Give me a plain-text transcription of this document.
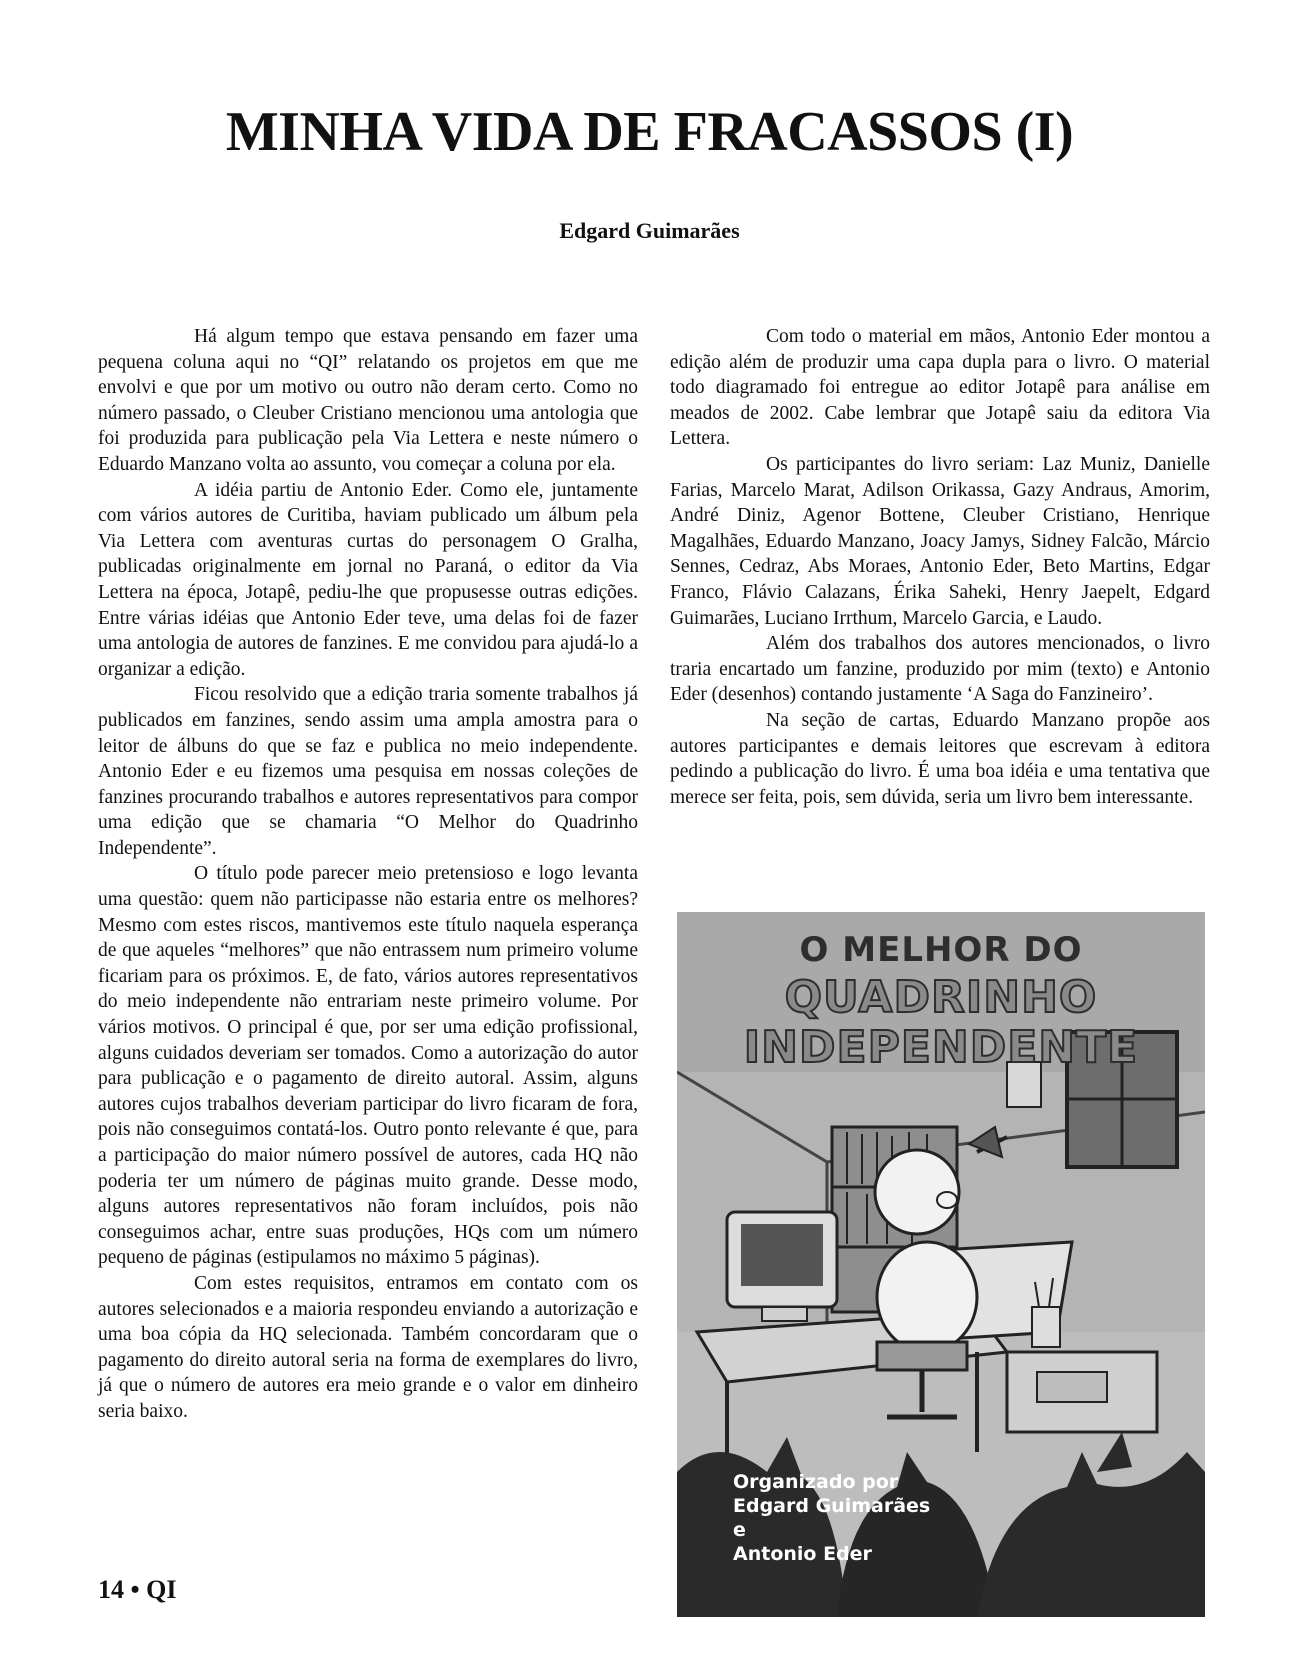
MINHA VIDA DE FRACASSOS (I)
Edgard Guimarães

Há algum tempo que estava pensando em fazer uma pequena coluna aqui no “QI” relatando os projetos em que me envolvi e que por um motivo ou outro não deram certo. Como no número passado, o Cleuber Cristiano mencionou uma antologia que foi produzida para publicação pela Via Lettera e neste número o Eduardo Manzano volta ao assunto, vou começar a coluna por ela.

A idéia partiu de Antonio Eder. Como ele, juntamente com vários autores de Curitiba, haviam publicado um álbum pela Via Lettera com aventuras curtas do personagem O Gralha, publicadas originalmente em jornal no Paraná, o editor da Via Lettera na época, Jotapê, pediu-lhe que propusesse outras edições. Entre várias idéias que Antonio Eder teve, uma delas foi de fazer uma antologia de autores de fanzines. E me convidou para ajudá-lo a organizar a edição.

Ficou resolvido que a edição traria somente trabalhos já publicados em fanzines, sendo assim uma ampla amostra para o leitor de álbuns do que se faz e publica no meio independente. Antonio Eder e eu fizemos uma pesquisa em nossas coleções de fanzines procurando trabalhos e autores representativos para compor uma edição que se chamaria “O Melhor do Quadrinho Independente”.

O título pode parecer meio pretensioso e logo levanta uma questão: quem não participasse não estaria entre os melhores? Mesmo com estes riscos, mantivemos este título naquela esperança de que aqueles “melhores” que não entrassem num primeiro volume ficariam para os próximos. E, de fato, vários autores representativos do meio independente não entrariam neste primeiro volume. Por vários motivos. O principal é que, por ser uma edição profissional, alguns cuidados deveriam ser tomados. Como a autorização do autor para publicação e o pagamento de direito autoral. Assim, alguns autores cujos trabalhos deveriam participar do livro ficaram de fora, pois não conseguimos contatá-los. Outro ponto relevante é que, para a participação do maior número possível de autores, cada HQ não poderia ter um número de páginas muito grande. Desse modo, alguns autores representativos não foram incluídos, pois não conseguimos achar, entre suas produções, HQs com um número pequeno de páginas (estipulamos no máximo 5 páginas).

Com estes requisitos, entramos em contato com os autores selecionados e a maioria respondeu enviando a autorização e uma boa cópia da HQ selecionada. Também concordaram que o pagamento do direito autoral seria na forma de exemplares do livro, já que o número de autores era meio grande e o valor em dinheiro seria baixo.

Com todo o material em mãos, Antonio Eder montou a edição além de produzir uma capa dupla para o livro. O material todo diagramado foi entregue ao editor Jotapê para análise em meados de 2002. Cabe lembrar que Jotapê saiu da editora Via Lettera.

Os participantes do livro seriam: Laz Muniz, Danielle Farias, Marcelo Marat, Adilson Orikassa, Gazy Andraus, Amorim, André Diniz, Agenor Bottene, Cleuber Cristiano, Henrique Magalhães, Eduardo Manzano, Joacy Jamys, Sidney Falcão, Márcio Sennes, Cedraz, Abs Moraes, Antonio Eder, Beto Martins, Edgar Franco, Flávio Calazans, Érika Saheki, Henry Jaepelt, Edgard Guimarães, Luciano Irrthum, Marcelo Garcia, e Laudo.

Além dos trabalhos dos autores mencionados, o livro traria encartado um fanzine, produzido por mim (texto) e Antonio Eder (desenhos) contando justamente ‘A Saga do Fanzineiro’.

Na seção de cartas, Eduardo Manzano propõe aos autores participantes e demais leitores que escrevam à editora pedindo a publicação do livro. É uma boa idéia e uma tentativa que merece ser feita, pois, sem dúvida, seria um livro bem interessante.

O MELHOR DO
QUADRINHO
INDEPENDENTE
Organizado por
Edgard Guimarães
e
Antonio Eder
14 • QI
